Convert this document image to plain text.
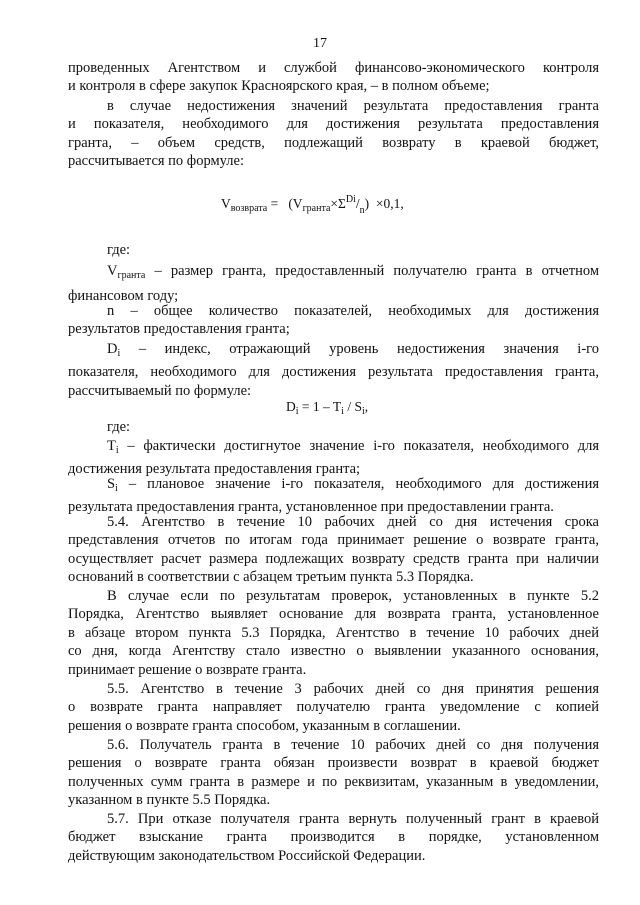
17

проведенных Агентством и службой финансово-экономического контроля

и контроля в сфере закупок Красноярского края, – в полном объеме;

в случае недостижения значений результата предоставления гранта

и показателя, необходимого для достижения результата предоставления

гранта, – объем средств, подлежащий возврату в краевой бюджет,

рассчитывается по формуле:

$V_{возврата} = (V_{гранта}\times\Sigma^{Di}/_n) \times 0,1$,

где:

$V_{гранта}$ – размер гранта, предоставленный получателю гранта в отчетном

финансовом году;

n – общее количество показателей, необходимых для достижения

результатов предоставления гранта;

$D_i$ – индекс, отражающий уровень недостижения значения i-го

показателя, необходимого для достижения результата предоставления гранта,

рассчитываемый по формуле:

$D_i = 1 - T_i / S_i$,

где:

$T_i$ – фактически достигнутое значение i-го показателя, необходимого для

достижения результата предоставления гранта;

$S_i$ – плановое значение i-го показателя, необходимого для достижения

результата предоставления гранта, установленное при предоставлении гранта.

5.4. Агентство в течение 10 рабочих дней со дня истечения срока

представления отчетов по итогам года принимает решение о возврате гранта,

осуществляет расчет размера подлежащих возврату средств гранта при наличии

оснований в соответствии с абзацем третьим пункта 5.3 Порядка.

В случае если по результатам проверок, установленных в пункте 5.2

Порядка, Агентство выявляет основание для возврата гранта, установленное

в абзаце втором пункта 5.3 Порядка, Агентство в течение 10 рабочих дней

со дня, когда Агентству стало известно о выявлении указанного основания,

принимает решение о возврате гранта.

5.5. Агентство в течение 3 рабочих дней со дня принятия решения

о возврате гранта направляет получателю гранта уведомление с копией

решения о возврате гранта способом, указанным в соглашении.

5.6. Получатель гранта в течение 10 рабочих дней со дня получения

решения о возврате гранта обязан произвести возврат в краевой бюджет

полученных сумм гранта в размере и по реквизитам, указанным в уведомлении,

указанном в пункте 5.5 Порядка.

5.7. При отказе получателя гранта вернуть полученный грант в краевой

бюджет взыскание гранта производится в порядке, установленном

действующим законодательством Российской Федерации.
